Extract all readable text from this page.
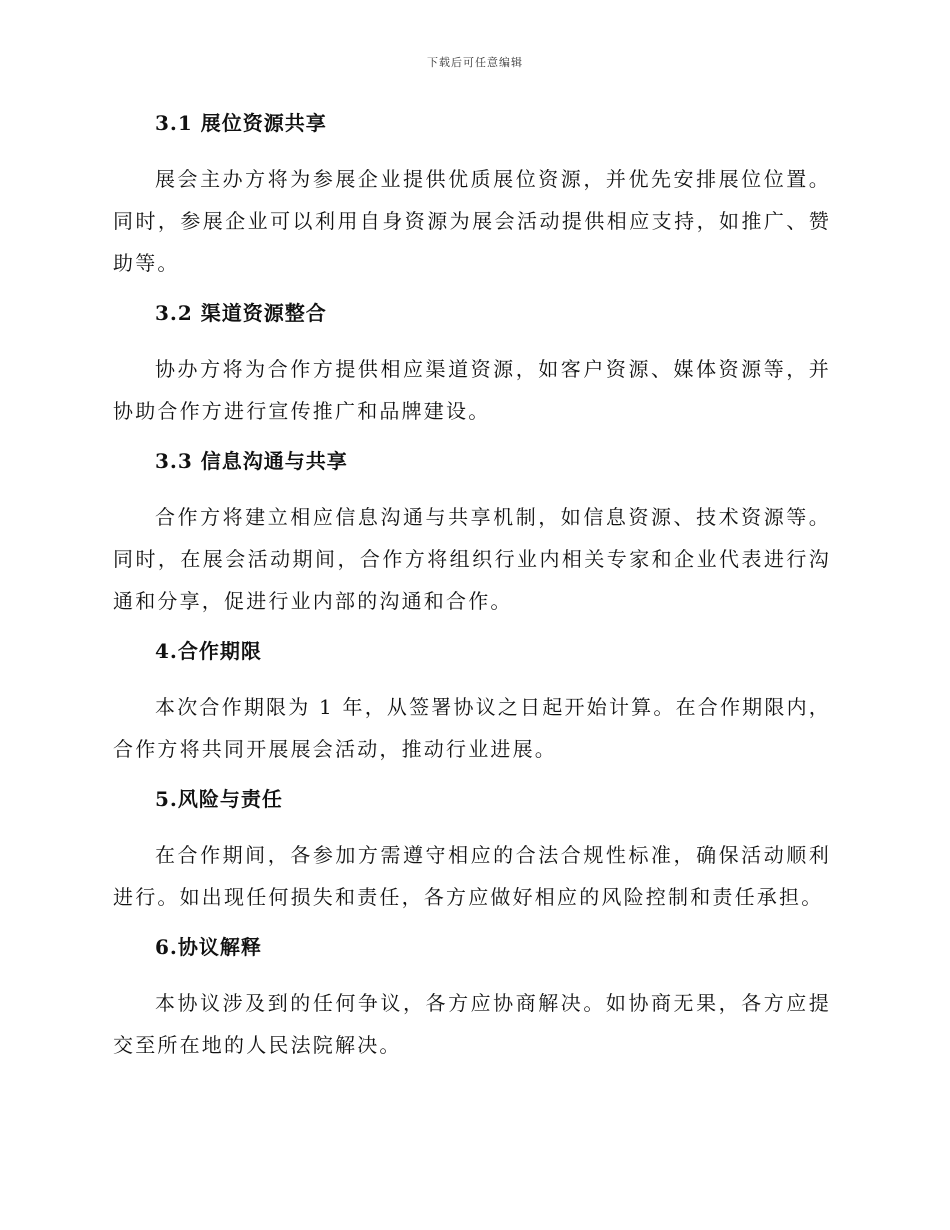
下载后可任意编辑
3.1 展位资源共享

展会主办方将为参展企业提供优质展位资源，并优先安排展位位置。同时，参展企业可以利用自身资源为展会活动提供相应支持，如推广、赞助等。

3.2 渠道资源整合

协办方将为合作方提供相应渠道资源，如客户资源、媒体资源等，并协助合作方进行宣传推广和品牌建设。

3.3 信息沟通与共享

合作方将建立相应信息沟通与共享机制，如信息资源、技术资源等。同时，在展会活动期间，合作方将组织行业内相关专家和企业代表进行沟通和分享，促进行业内部的沟通和合作。

4.合作期限

本次合作期限为 1 年，从签署协议之日起开始计算。在合作期限内，合作方将共同开展展会活动，推动行业进展。

5.风险与责任

在合作期间，各参加方需遵守相应的合法合规性标准，确保活动顺利进行。如出现任何损失和责任，各方应做好相应的风险控制和责任承担。

6.协议解释

本协议涉及到的任何争议，各方应协商解决。如协商无果，各方应提交至所在地的人民法院解决。
